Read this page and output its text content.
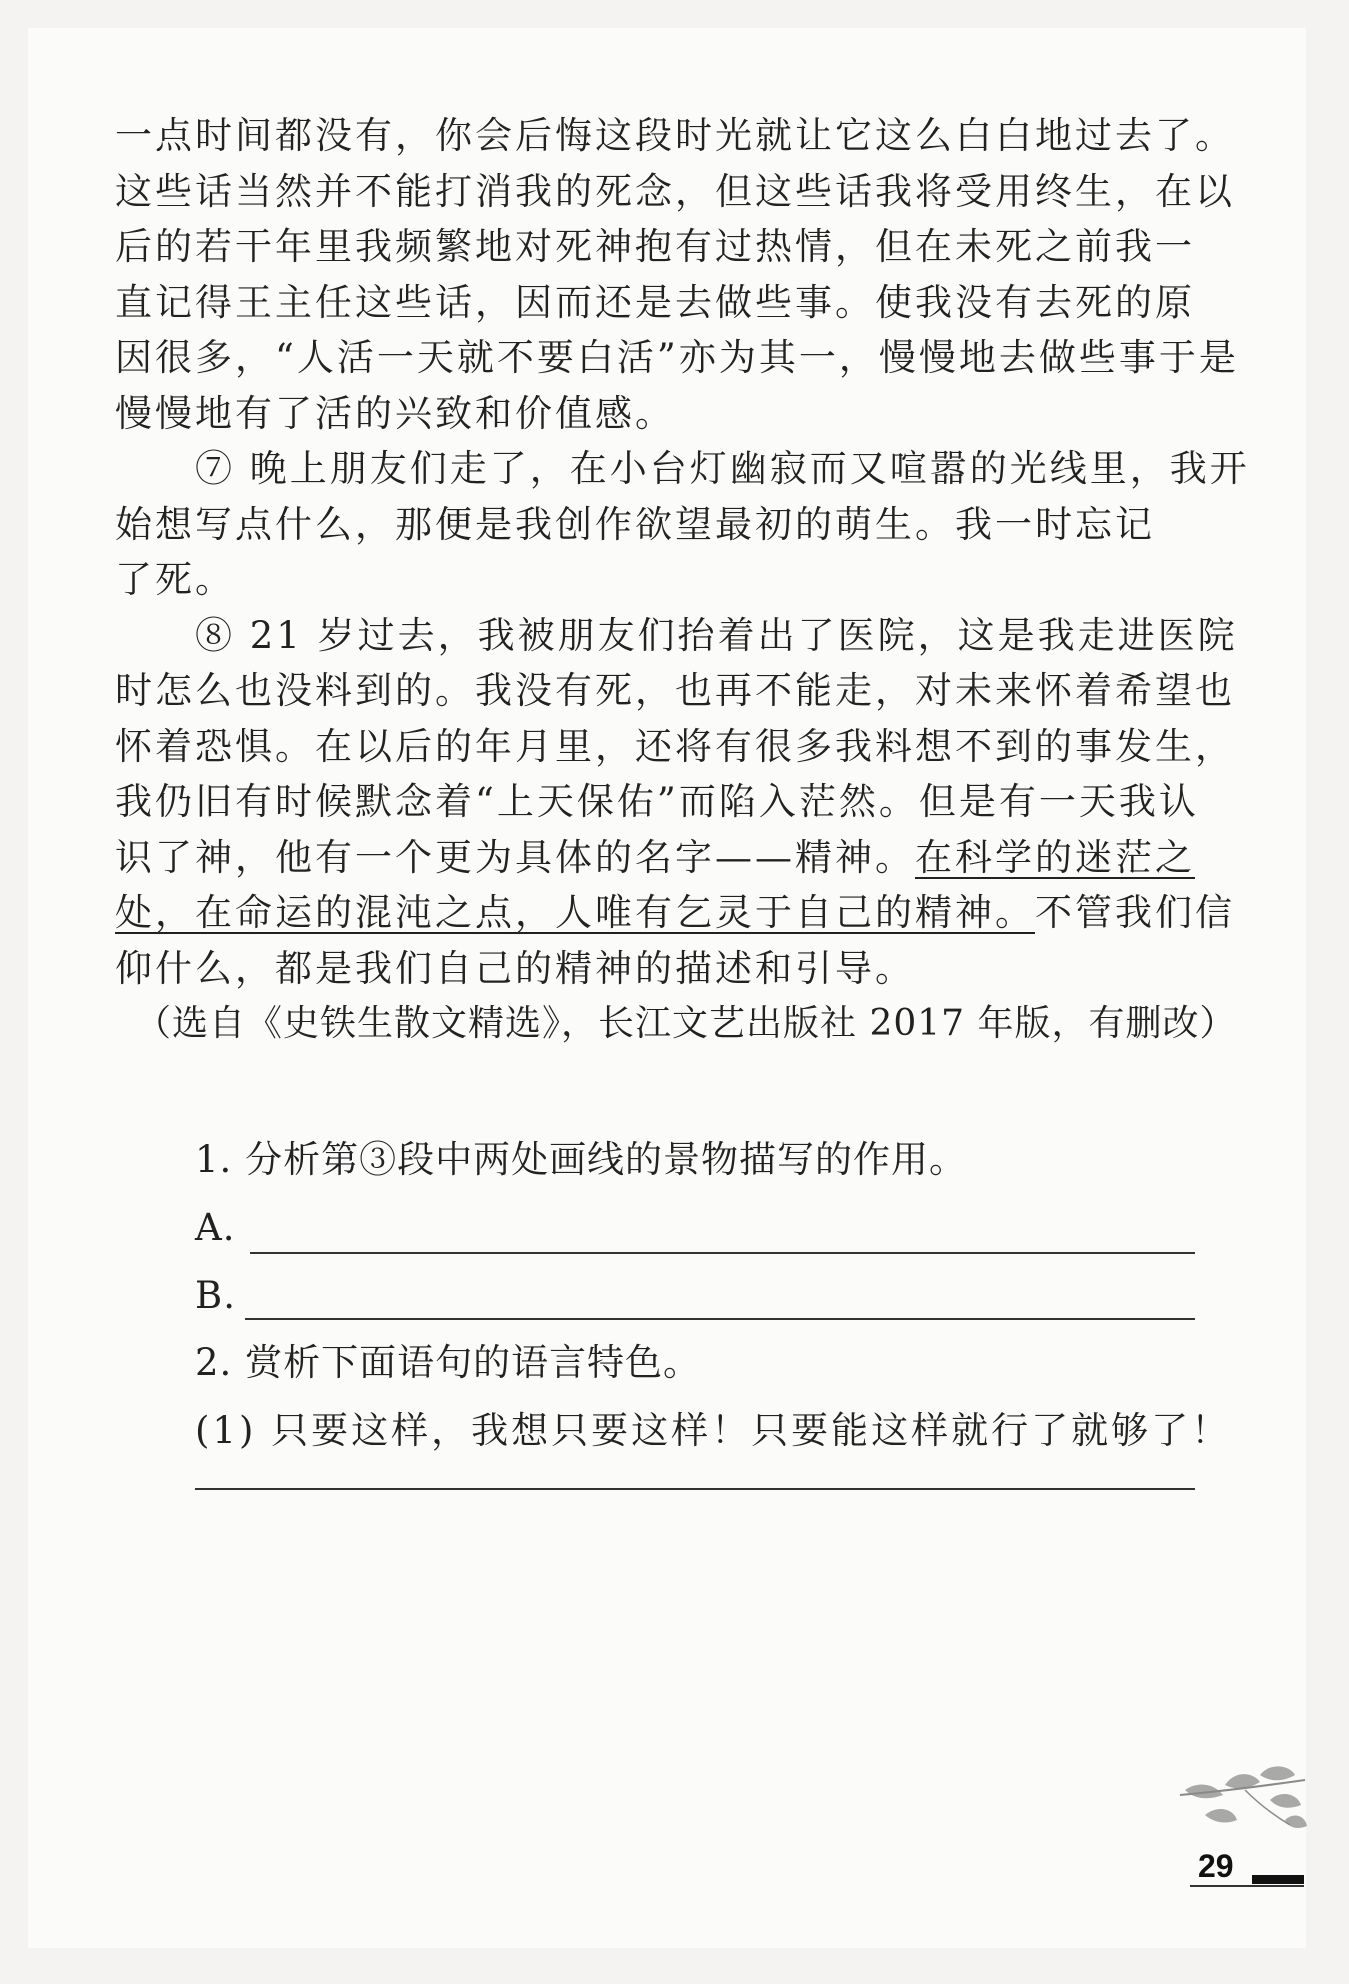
一点时间都没有，你会后悔这段时光就让它这么白白地过去了。
这些话当然并不能打消我的死念，但这些话我将受用终生，在以
后的若干年里我频繁地对死神抱有过热情，但在未死之前我一
直记得王主任这些话，因而还是去做些事。使我没有去死的原
因很多，“人活一天就不要白活”亦为其一，慢慢地去做些事于是
慢慢地有了活的兴致和价值感。
⑦ 晚上朋友们走了，在小台灯幽寂而又喧嚣的光线里，我开
始想写点什么，那便是我创作欲望最初的萌生。我一时忘记
了死。
⑧ 21 岁过去，我被朋友们抬着出了医院，这是我走进医院
时怎么也没料到的。我没有死，也再不能走，对未来怀着希望也
怀着恐惧。在以后的年月里，还将有很多我料想不到的事发生，
我仍旧有时候默念着“上天保佑”而陷入茫然。但是有一天我认
识了神，他有一个更为具体的名字——精神。在科学的迷茫之
处，在命运的混沌之点，人唯有乞灵于自己的精神。不管我们信
仰什么，都是我们自己的精神的描述和引导。
（选自《史铁生散文精选》，长江文艺出版社 2017 年版，有删改）
1. 分析第③段中两处画线的景物描写的作用。
A.
B.
2. 赏析下面语句的语言特色。
(1) 只要这样，我想只要这样！只要能这样就行了就够了！
29
